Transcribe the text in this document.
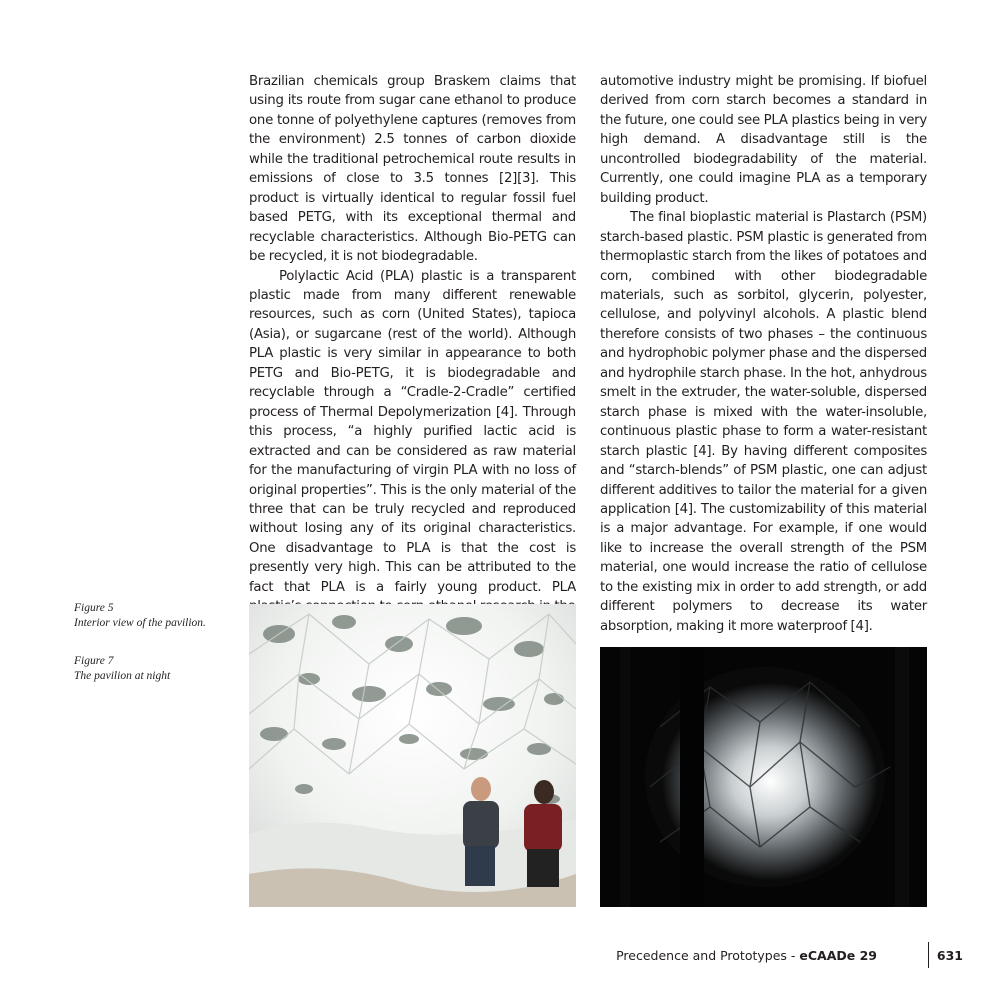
Brazilian chemicals group Braskem claims that using its route from sugar cane ethanol to produce one tonne of polyethylene captures (removes from the environment) 2.5 tonnes of carbon dioxide while the traditional petrochemical route results in emissions of close to 3.5 tonnes [2][3]. This product is virtually identical to regular fossil fuel based PETG, with its exceptional thermal and recyclable characteristics. Although Bio-PETG can be recycled, it is not biodegradable.

Polylactic Acid (PLA) plastic is a transparent plastic made from many different renewable resources, such as corn (United States), tapioca (Asia), or sugarcane (rest of the world). Although PLA plastic is very similar in appearance to both PETG and Bio-PETG, it is biodegradable and recyclable through a “Cradle-2-Cradle” certified process of Thermal Depolymerization [4]. Through this process, “a highly purified lactic acid is extracted and can be considered as raw material for the manufacturing of virgin PLA with no loss of original properties”. This is the only material of the three that can be truly recycled and reproduced without losing any of its original characteristics. One disadvantage to PLA is that the cost is presently very high. This can be attributed to the fact that PLA is a fairly young product. PLA

automotive industry might be promising. If biofuel derived from corn starch becomes a standard in the future, one could see PLA plastics being in very high demand. A disadvantage still is the uncontrolled biodegradability of the material. Currently, one could imagine PLA as a temporary building product.

The final bioplastic material is Plastarch (PSM) starch-based plastic. PSM plastic is generated from thermoplastic starch from the likes of potatoes and corn, combined with other biodegradable materials, such as sorbitol, glycerin, polyester, cellulose, and polyvinyl alcohols. A plastic blend therefore consists of two phases – the continuous and hydrophobic polymer phase and the dispersed and hydrophile starch phase. In the hot, anhydrous smelt in the extruder, the water-soluble, dispersed starch phase is mixed with the water-insoluble, continuous plastic phase to form a water-resistant starch plastic [4]. By having different composites and “starch-blends” of PSM plastic, one can adjust different additives to tailor the material for a given application [4]. The customizability of this material is a major advantage. For example, if one would like to increase the overall strength of the PSM material, one would increase the ratio of cellulose to the existing mix in order to add strength, or add different polymers to decrease its water absorption, making it more waterproof [4].

Figure 5
Interior view of the pavilion.
Figure 7
The pavilion at night
Precedence and Prototypes - eCAADe 29	631
